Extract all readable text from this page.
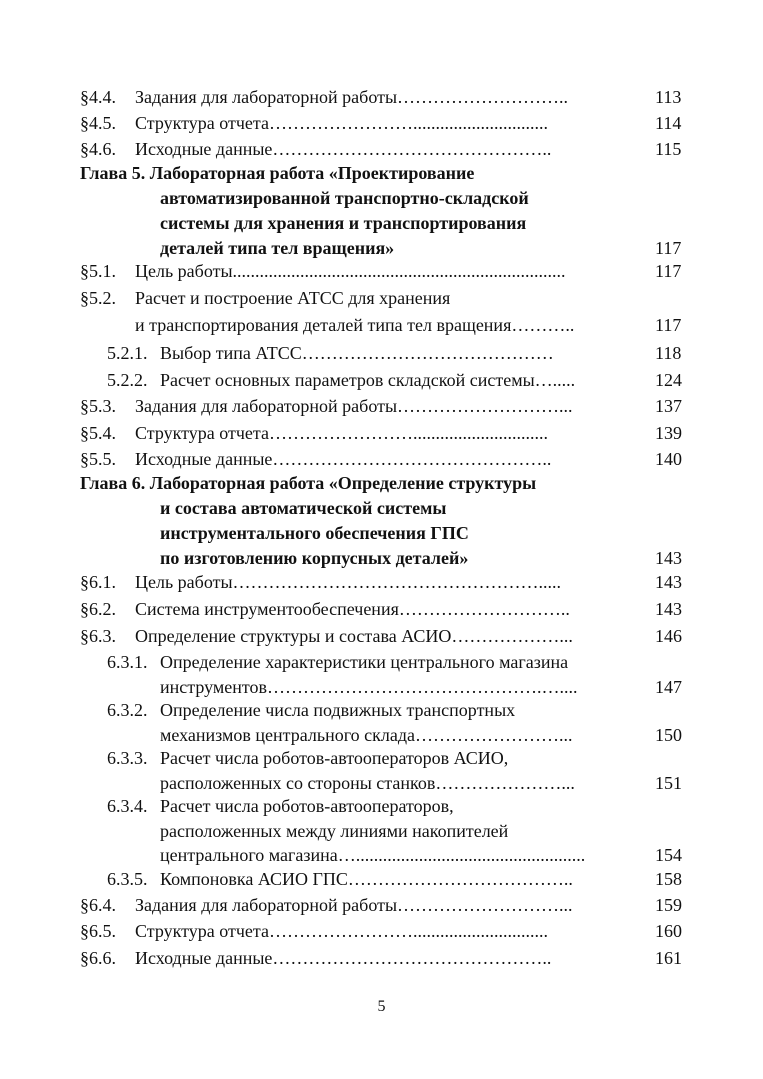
§4.4. Задания для лабораторной работы………………………..	113
§4.5. Структура отчета……………………..............................	114
§4.6. Исходные данные………………………………………..	115
Глава 5. Лабораторная работа «Проектирование
автоматизированной транспортно-складской
системы для хранения и транспортирования
деталей типа тел вращения»	117
§5.1. Цель работы..........................................................................	117
§5.2. Расчет и построение АТСС для хранения
и транспортирования деталей типа тел вращения………..	117
5.2.1. Выбор типа АТСС……………………………………	118
5.2.2. Расчет основных параметров складской системы….....	124
§5.3. Задания для лабораторной работы………………………...	137
§5.4. Структура отчета……………………..............................	139
§5.5. Исходные данные………………………………………..	140
Глава 6. Лабораторная работа «Определение структуры
и состава автоматической системы
инструментального обеспечения ГПС
по изготовлению корпусных деталей»	143
§6.1. Цель работы…………………………………………….....	143
§6.2. Система инструментообеспечения………………………..	143
§6.3. Определение структуры и состава АСИО………………...	146
6.3.1. Определение характеристики центрального магазина
инструментов……………………………………….…....	147
6.3.2. Определение числа подвижных транспортных
механизмов центрального склада……………………...	150
6.3.3. Расчет числа роботов-автооператоров АСИО,
расположенных со стороны станков…………………...	151
6.3.4. Расчет числа роботов-автооператоров,
расположенных между линиями накопителей
центрального магазина…...................................................	154
6.3.5. Компоновка АСИО ГПС………………………………..	158
§6.4. Задания для лабораторной работы………………………...	159
§6.5. Структура отчета……………………..............................	160
§6.6. Исходные данные………………………………………..	161
5
